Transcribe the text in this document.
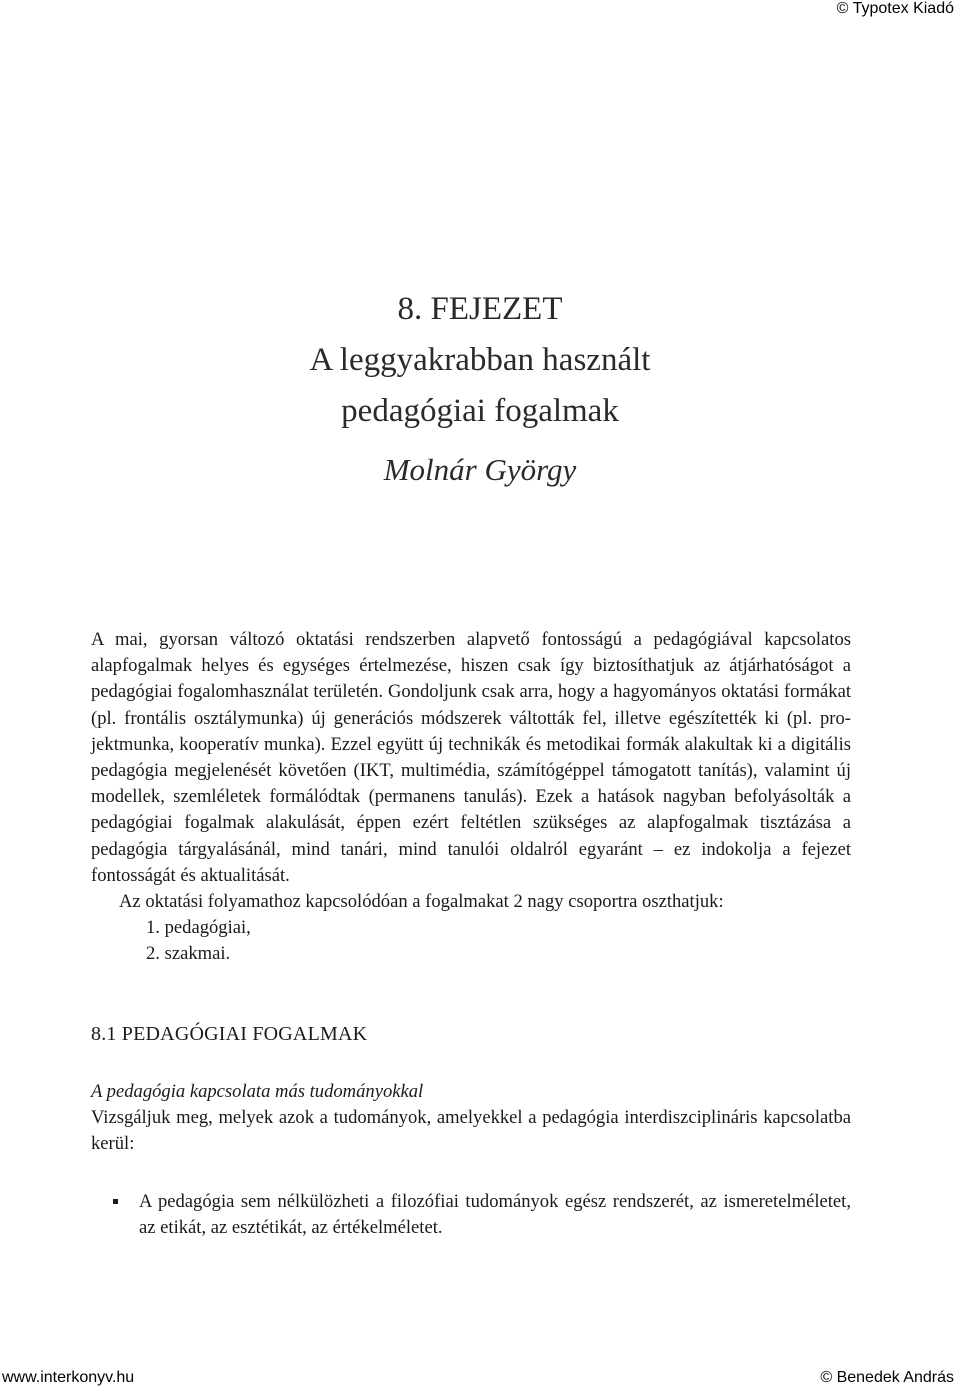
© Typotex Kiadó
8. FEJEZET
A leggyakrabban használt
pedagógiai fogalmak
Molnár György

A mai, gyorsan változó oktatási rendszerben alapvető fontosságú a pedagógiával kapcsolatos alapfogalmak helyes és egységes értelmezése, hiszen csak így biztosíthatjuk az átjárhatóságot a pedagógiai fogalomhasználat területén. Gondoljunk csak arra, hogy a hagyományos oktatási formákat (pl. frontális osztálymunka) új generációs módszerek váltották fel, illetve egészítették ki (pl. projektmunka, kooperatív munka). Ezzel együtt új technikák és metodikai formák alakultak ki a digitális pedagógia megjelenését követően (IKT, multimédia, számítógéppel támogatott tanítás), valamint új modellek, szemléletek formálódtak (permanens tanulás). Ezek a hatások nagyban befolyásolták a pedagógiai fogalmak alakulását, éppen ezért feltétlen szükséges az alapfogalmak tisztázása a pedagógia tárgyalásánál, mind tanári, mind tanulói oldalról egyaránt – ez indokolja a fejezet fontosságát és aktualitását.

Az oktatási folyamathoz kapcsolódóan a fogalmakat 2 nagy csoportra oszthatjuk:

1. pedagógiai,
2. szakmai.
8.1 PEDAGÓGIAI FOGALMAK
A pedagógia kapcsolata más tudományokkal

Vizsgáljuk meg, melyek azok a tudományok, amelyekkel a pedagógia interdiszciplináris kapcsolatba kerül:

A pedagógia sem nélkülözheti a filozófiai tudományok egész rendszerét, az ismeretelméletet, az etikát, az esztétikát, az értékelméletet.
www.interkonyv.hu	© Benedek András
